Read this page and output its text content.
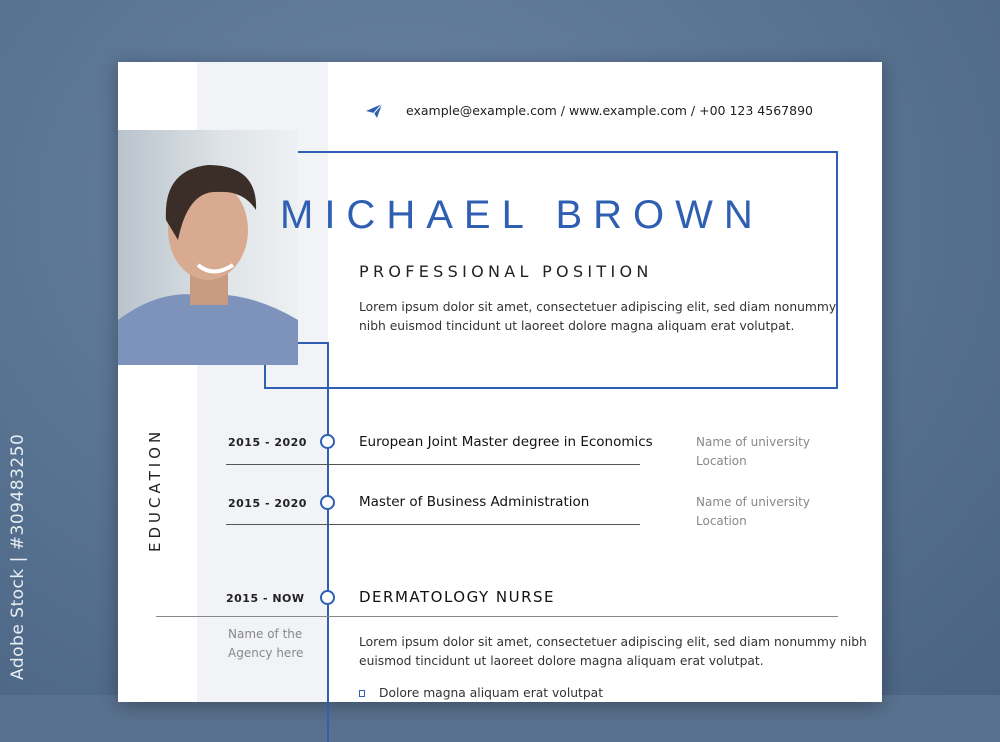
Adobe Stock | #309483250
example@example.com / www.example.com / +00 123 4567890
MICHAEL BROWN
PROFESSIONAL POSITION
Lorem ipsum dolor sit amet, consectetuer adipiscing elit, sed diam nonummy
nibh euismod tincidunt ut laoreet dolore magna aliquam erat volutpat.
EDUCATION	2015 - 2020	European Joint Master degree in Economics	Name of university
Location
2015 - 2020	Master of Business Administration	Name of university
Location
2015 - NOW	DERMATOLOGY NURSE
Name of the
Agency here
Lorem ipsum dolor sit amet, consectetuer adipiscing elit, sed diam nonummy nibh
euismod tincidunt ut laoreet dolore magna aliquam erat volutpat.
Dolore magna aliquam erat volutpat
